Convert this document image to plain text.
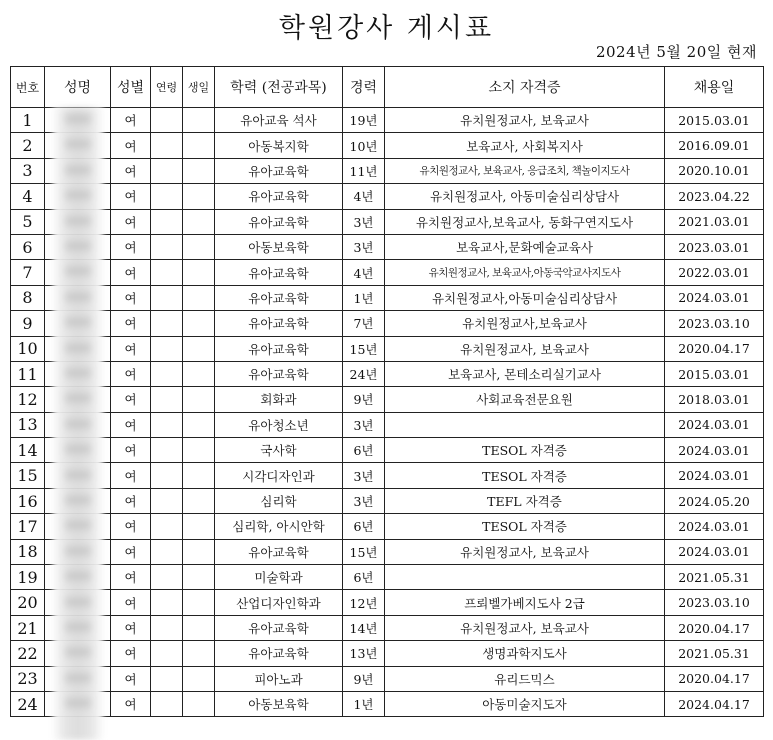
학원강사 게시표
2024년 5월 20일 현재
번호	성명	성별	연령	생일	학력 (전공과목)	경력	소지 자격증	채용일
1		여			유아교육 석사	19년	유치원정교사, 보육교사	2015.03.01
2		여			아동복지학	10년	보육교사, 사회복지사	2016.09.01
3		여			유아교육학	11년	유치원정교사, 보육교사, 응급조치, 책놀이지도사	2020.10.01
4		여			유아교육학	4년	유치원정교사, 아동미술심리상담사	2023.04.22
5		여			유아교육학	3년	유치원정교사,보육교사, 동화구연지도사	2021.03.01
6		여			아동보육학	3년	보육교사,문화예술교육사	2023.03.01
7		여			유아교육학	4년	유치원정교사, 보육교사,아동국악교사지도사	2022.03.01
8		여			유아교육학	1년	유치원정교사,아동미술심리상담사	2024.03.01
9		여			유아교육학	7년	유치원정교사,보육교사	2023.03.10
10		여			유아교육학	15년	유치원정교사, 보육교사	2020.04.17
11		여			유아교육학	24년	보육교사, 몬테소리실기교사	2015.03.01
12		여			회화과	9년	사회교육전문요원	2018.03.01
13		여			유아청소년	3년		2024.03.01
14		여			국사학	6년	TESOL 자격증	2024.03.01
15		여			시각디자인과	3년	TESOL 자격증	2024.03.01
16		여			심리학	3년	TEFL 자격증	2024.05.20
17		여			심리학, 아시안학	6년	TESOL 자격증	2024.03.01
18		여			유아교육학	15년	유치원정교사, 보육교사	2024.03.01
19		여			미술학과	6년		2021.05.31
20		여			산업디자인학과	12년	프뢰벨가베지도사 2급	2023.03.10
21		여			유아교육학	14년	유치원정교사, 보육교사	2020.04.17
22		여			유아교육학	13년	생명과학지도사	2021.05.31
23		여			피아노과	9년	유리드믹스	2020.04.17
24		여			아동보육학	1년	아동미술지도자	2024.04.17
